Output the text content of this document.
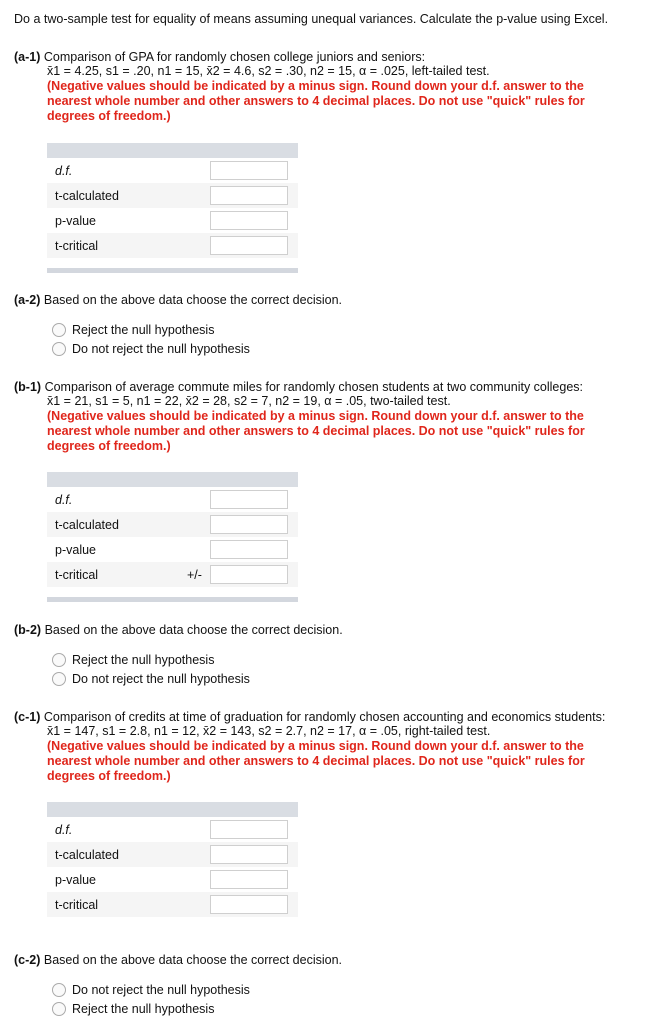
Do a two-sample test for equality of means assuming unequal variances. Calculate the p-value using Excel.
(a-1) Comparison of GPA for randomly chosen college juniors and seniors:
x̄1 = 4.25, s1 = .20, n1 = 15, x̄2 = 4.6, s2 = .30, n2 = 15, α = .025, left-tailed test.
(Negative values should be indicated by a minus sign. Round down your d.f. answer to the nearest whole number and other answers to 4 decimal places. Do not use "quick" rules for degrees of freedom.)
d.f.
t-calculated
p-value
t-critical
(a-2) Based on the above data choose the correct decision.
Reject the null hypothesis
Do not reject the null hypothesis
(b-1) Comparison of average commute miles for randomly chosen students at two community colleges:
x̄1 = 21, s1 = 5, n1 = 22, x̄2 = 28, s2 = 7, n2 = 19, α = .05, two-tailed test.
(Negative values should be indicated by a minus sign. Round down your d.f. answer to the nearest whole number and other answers to 4 decimal places. Do not use "quick" rules for degrees of freedom.)
d.f.
t-calculated
p-value
t-critical	+/-
(b-2) Based on the above data choose the correct decision.
Reject the null hypothesis
Do not reject the null hypothesis
(c-1) Comparison of credits at time of graduation for randomly chosen accounting and economics students:
x̄1 = 147, s1 = 2.8, n1 = 12, x̄2 = 143, s2 = 2.7, n2 = 17, α = .05, right-tailed test.
(Negative values should be indicated by a minus sign. Round down your d.f. answer to the nearest whole number and other answers to 4 decimal places. Do not use "quick" rules for degrees of freedom.)
d.f.
t-calculated
p-value
t-critical
(c-2) Based on the above data choose the correct decision.
Do not reject the null hypothesis
Reject the null hypothesis
